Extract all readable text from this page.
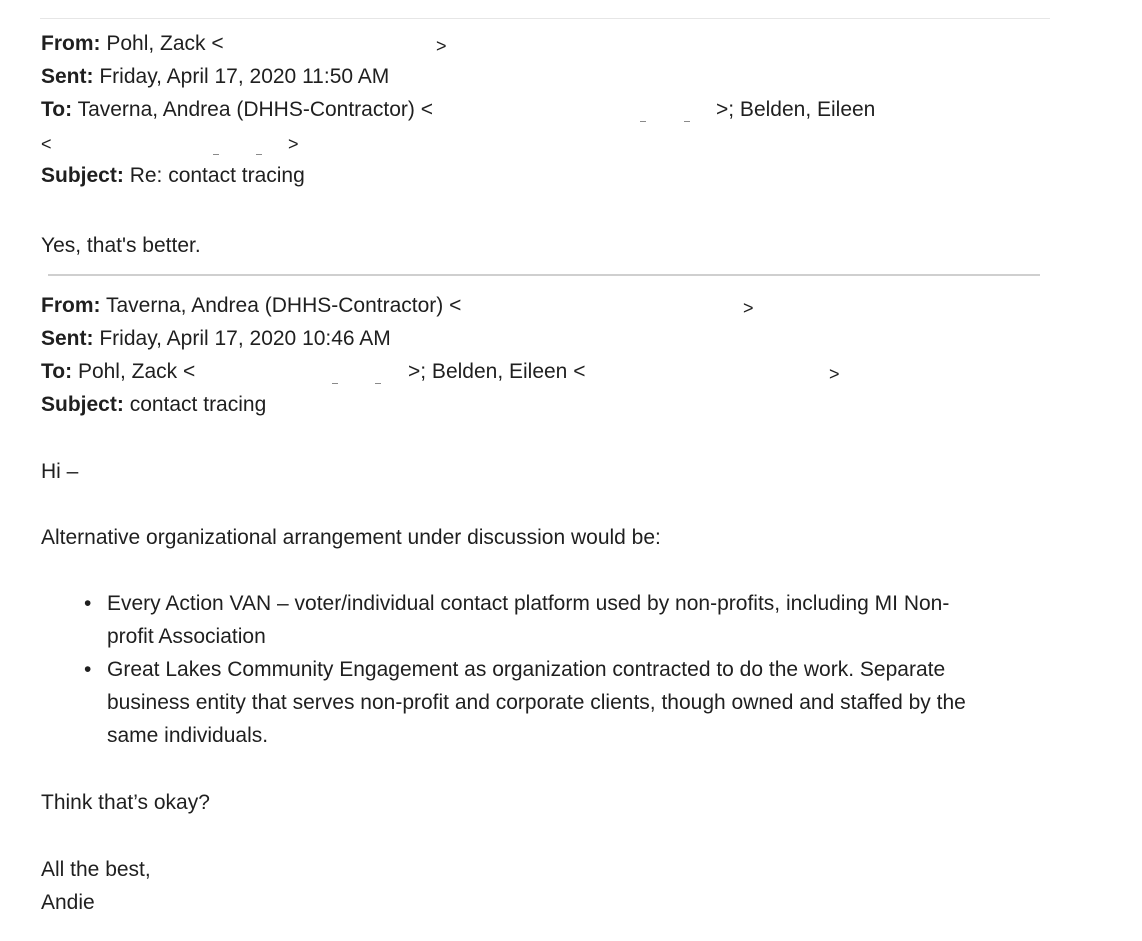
From: Pohl, Zack <	>
Sent: Friday, April 17, 2020 11:50 AM
To: Taverna, Andrea (DHHS-Contractor) <	>; Belden, Eileen
<	>
Subject: Re: contact tracing
Yes, that's better.
From: Taverna, Andrea (DHHS-Contractor) <	>
Sent: Friday, April 17, 2020 10:46 AM
To: Pohl, Zack <	>; Belden, Eileen <	>
Subject: contact tracing
Hi –
Alternative organizational arrangement under discussion would be:
• Every Action VAN – voter/individual contact platform used by non-profits, including MI Non-
profit Association
• Great Lakes Community Engagement as organization contracted to do the work. Separate
business entity that serves non-profit and corporate clients, though owned and staffed by the
same individuals.
Think that’s okay?
All the best,
Andie
